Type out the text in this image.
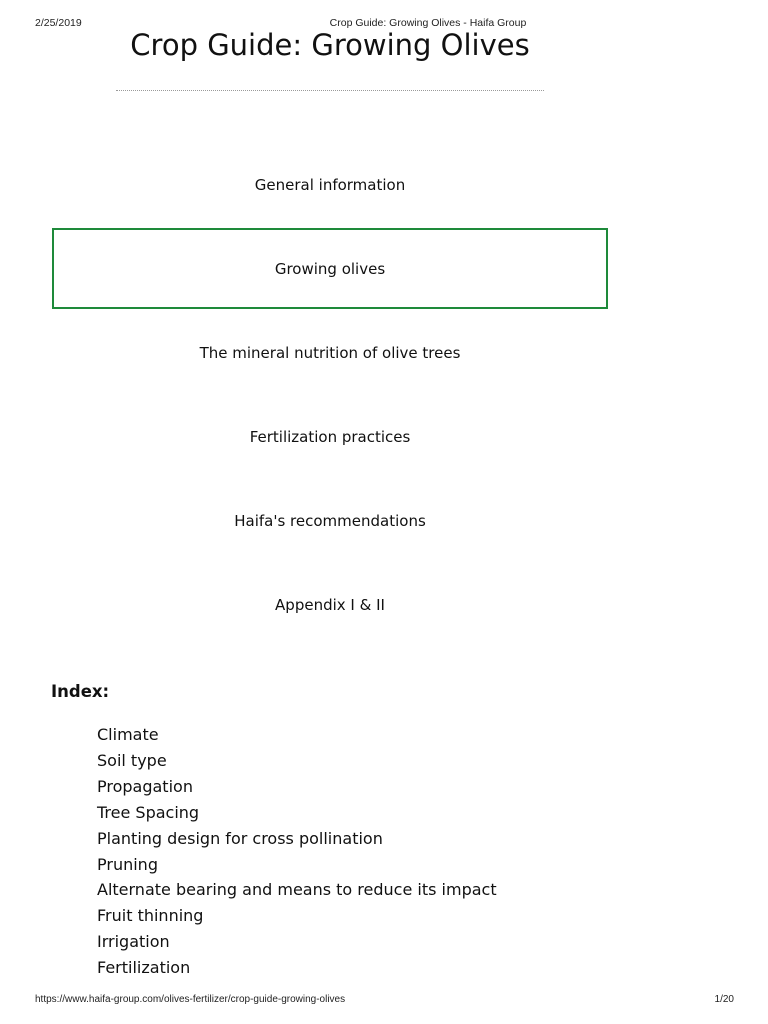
2/25/2019	Crop Guide: Growing Olives - Haifa Group
Crop Guide: Growing Olives
General information
Growing olives
The mineral nutrition of olive trees
Fertilization practices
Haifa's recommendations
Appendix I & II
Index:
Climate
Soil type
Propagation
Tree Spacing
Planting design for cross pollination
Pruning
Alternate bearing and means to reduce its impact
Fruit thinning
Irrigation
Fertilization
https://www.haifa-group.com/olives-fertilizer/crop-guide-growing-olives	1/20
